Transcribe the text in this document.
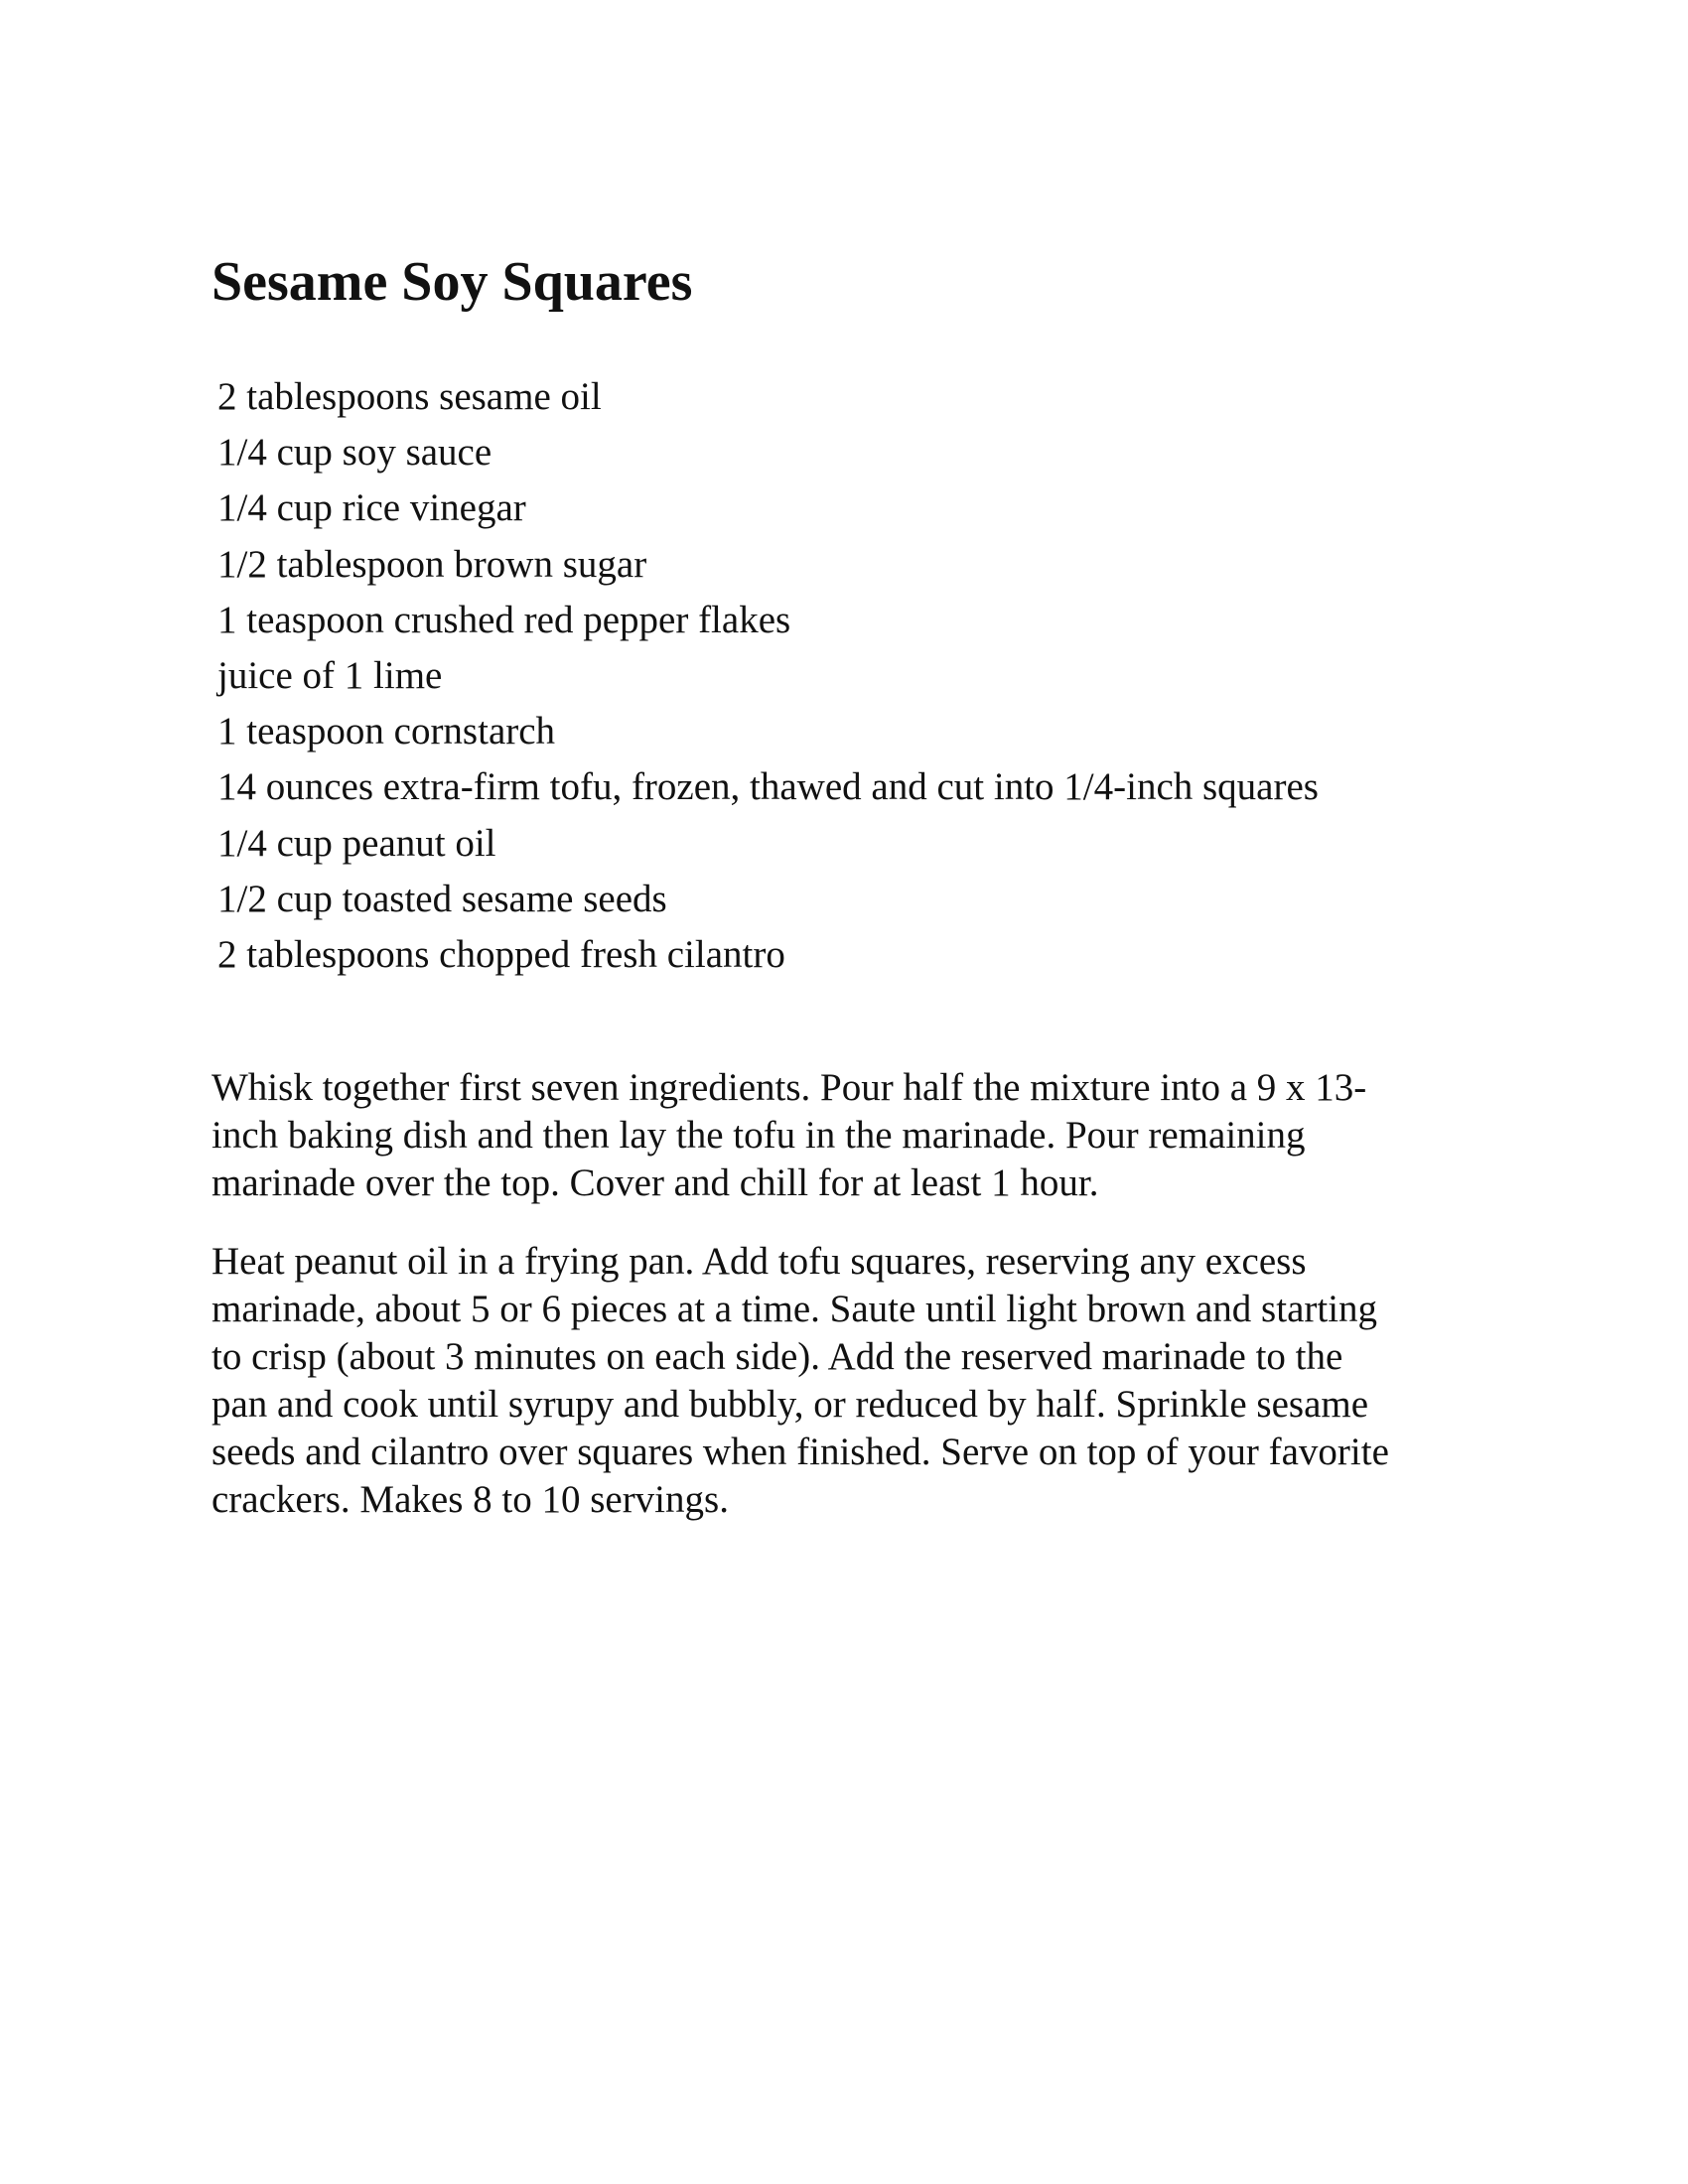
Sesame Soy Squares
2 tablespoons sesame oil
1/4 cup soy sauce
1/4 cup rice vinegar
1/2 tablespoon brown sugar
1 teaspoon crushed red pepper flakes
juice of 1 lime
1 teaspoon cornstarch
14 ounces extra-firm tofu, frozen, thawed and cut into 1/4-inch squares
1/4 cup peanut oil
1/2 cup toasted sesame seeds
2 tablespoons chopped fresh cilantro

Whisk together first seven ingredients. Pour half the mixture into a 9 x 13-
inch baking dish and then lay the tofu in the marinade. Pour remaining
marinade over the top. Cover and chill for at least 1 hour.

Heat peanut oil in a frying pan. Add tofu squares, reserving any excess
marinade, about 5 or 6 pieces at a time. Saute until light brown and starting
to crisp (about 3 minutes on each side). Add the reserved marinade to the
pan and cook until syrupy and bubbly, or reduced by half. Sprinkle sesame
seeds and cilantro over squares when finished. Serve on top of your favorite
crackers. Makes 8 to 10 servings.
